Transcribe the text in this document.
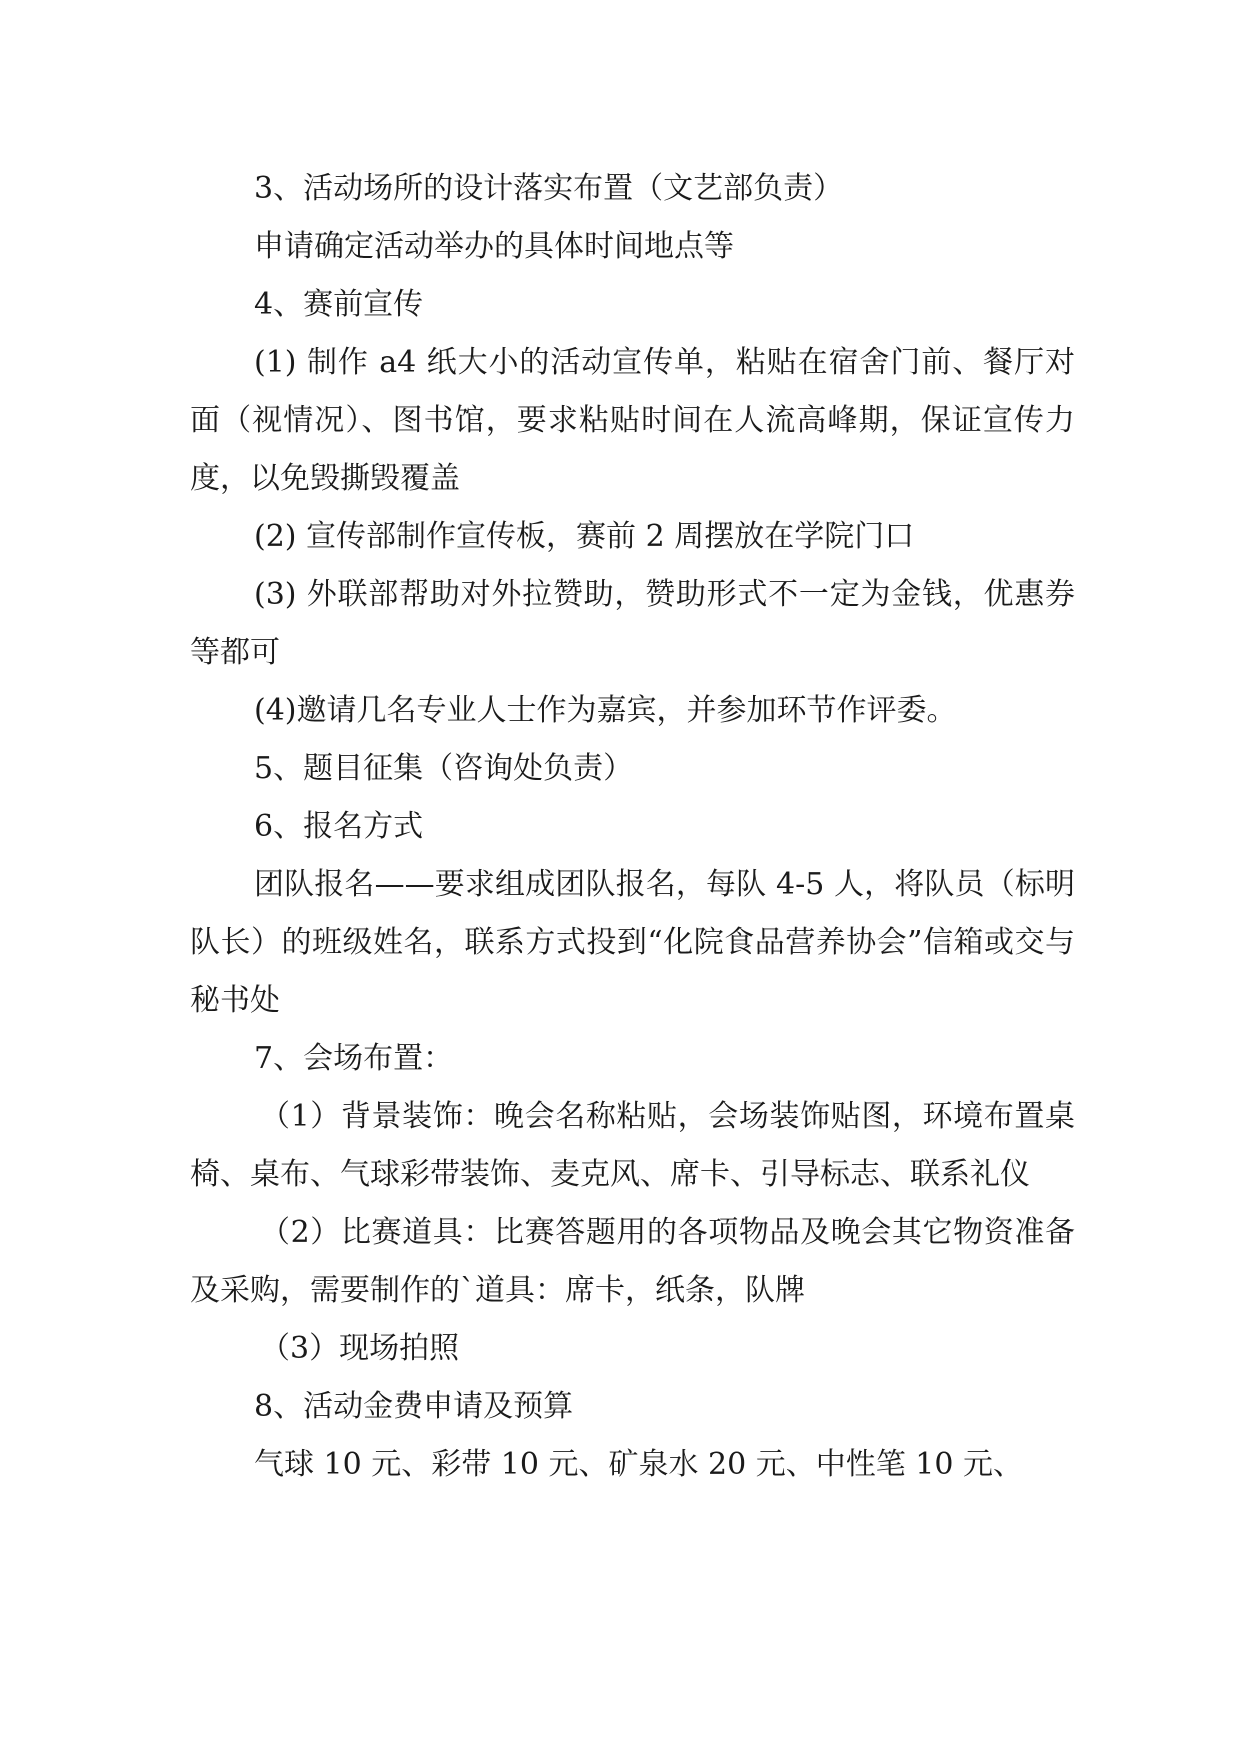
3、活动场所的设计落实布置（文艺部负责）

申请确定活动举办的具体时间地点等

4、赛前宣传

(1) 制作 a4 纸大小的活动宣传单，粘贴在宿舍门前、餐厅对面（视情况）、图书馆，要求粘贴时间在人流高峰期，保证宣传力度，以免毁撕毁覆盖

(2) 宣传部制作宣传板，赛前 2 周摆放在学院门口

(3) 外联部帮助对外拉赞助，赞助形式不一定为金钱，优惠券等都可

(4)邀请几名专业人士作为嘉宾，并参加环节作评委。

5、题目征集（咨询处负责）

6、报名方式

团队报名——要求组成团队报名，每队 4-5 人，将队员（标明队长）的班级姓名，联系方式投到“化院食品营养协会”信箱或交与秘书处

7、会场布置：

（1）背景装饰：晚会名称粘贴，会场装饰贴图，环境布置桌椅、桌布、气球彩带装饰、麦克风、席卡、引导标志、联系礼仪

（2）比赛道具：比赛答题用的各项物品及晚会其它物资准备及采购，需要制作的`道具：席卡，纸条，队牌

（3）现场拍照

8、活动金费申请及预算

气球 10 元、彩带 10 元、矿泉水 20 元、中性笔 10 元、
